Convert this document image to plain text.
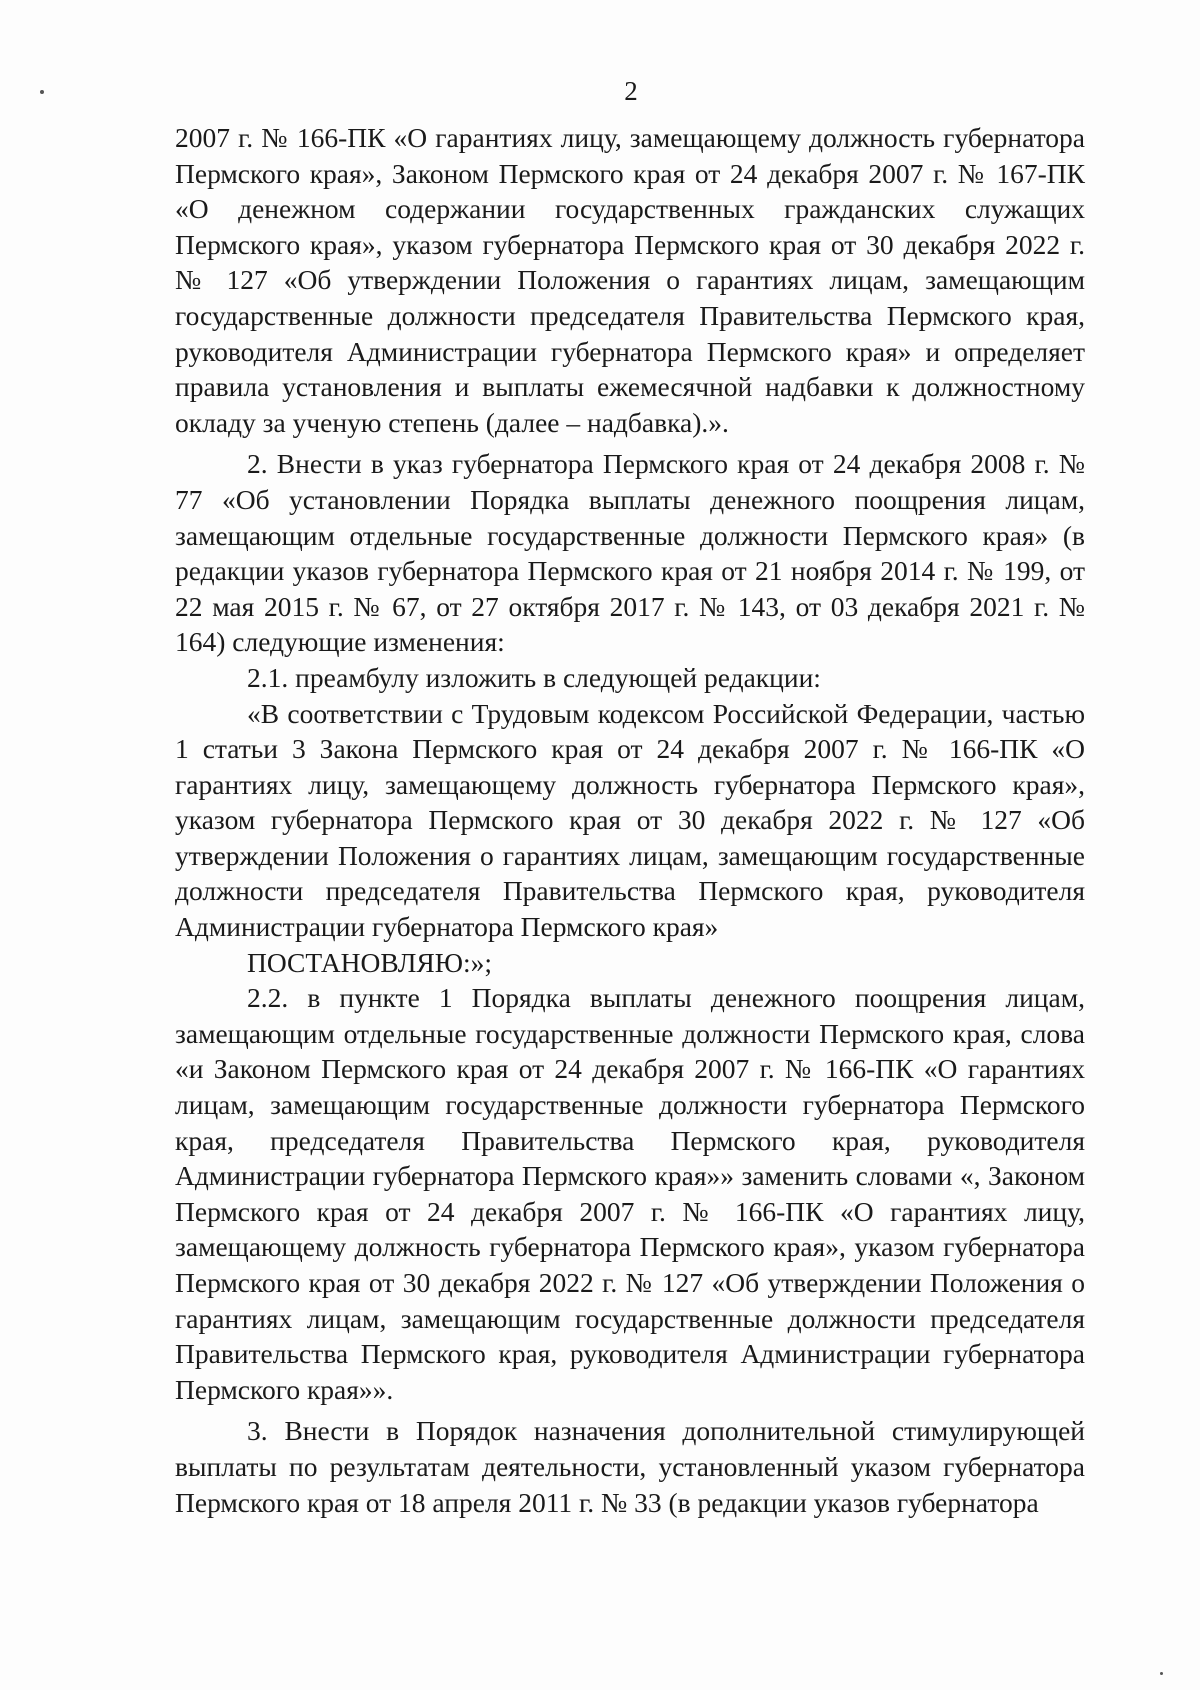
2

2007 г. № 166-ПК «О гарантиях лицу, замещающему должность губернатора Пермского края», Законом Пермского края от 24 декабря 2007 г. № 167-ПК «О денежном содержании государственных гражданских служащих Пермского края», указом губернатора Пермского края от 30 декабря 2022 г. № 127 «Об утверждении Положения о гарантиях лицам, замещающим государственные должности председателя Правительства Пермского края, руководителя Администрации губернатора Пермского края» и определяет правила установления и выплаты ежемесячной надбавки к должностному окладу за ученую степень (далее – надбавка).».

2. Внести в указ губернатора Пермского края от 24 декабря 2008 г. № 77 «Об установлении Порядка выплаты денежного поощрения лицам, замещающим отдельные государственные должности Пермского края» (в редакции указов губернатора Пермского края от 21 ноября 2014 г. № 199, от 22 мая 2015 г. № 67, от 27 октября 2017 г. № 143, от 03 декабря 2021 г. № 164) следующие изменения:

2.1. преамбулу изложить в следующей редакции:

«В соответствии с Трудовым кодексом Российской Федерации, частью 1 статьи 3 Закона Пермского края от 24 декабря 2007 г. № 166-ПК «О гарантиях лицу, замещающему должность губернатора Пермского края», указом губернатора Пермского края от 30 декабря 2022 г. № 127 «Об утверждении Положения о гарантиях лицам, замещающим государственные должности председателя Правительства Пермского края, руководителя Администрации губернатора Пермского края»

ПОСТАНОВЛЯЮ:»;

2.2. в пункте 1 Порядка выплаты денежного поощрения лицам, замещающим отдельные государственные должности Пермского края, слова «и Законом Пермского края от 24 декабря 2007 г. № 166-ПК «О гарантиях лицам, замещающим государственные должности губернатора Пермского края, председателя Правительства Пермского края, руководителя Администрации губернатора Пермского края»» заменить словами «, Законом Пермского края от 24 декабря 2007 г. № 166-ПК «О гарантиях лицу, замещающему должность губернатора Пермского края», указом губернатора Пермского края от 30 декабря 2022 г. № 127 «Об утверждении Положения о гарантиях лицам, замещающим государственные должности председателя Правительства Пермского края, руководителя Администрации губернатора Пермского края»».

3. Внести в Порядок назначения дополнительной стимулирующей выплаты по результатам деятельности, установленный указом губернатора Пермского края от 18 апреля 2011 г. № 33 (в редакции указов губернатора
